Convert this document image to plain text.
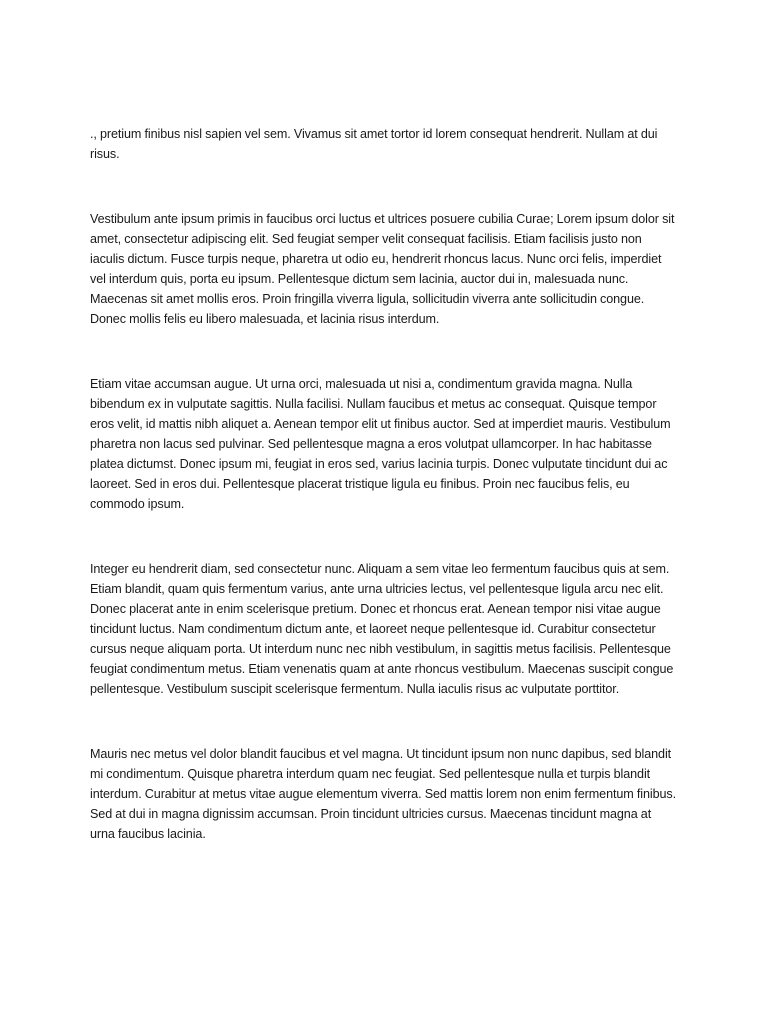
., pretium finibus nisl sapien vel sem. Vivamus sit amet tortor id lorem consequat hendrerit. Nullam at dui risus.

Vestibulum ante ipsum primis in faucibus orci luctus et ultrices posuere cubilia Curae; Lorem ipsum dolor sit amet, consectetur adipiscing elit. Sed feugiat semper velit consequat facilisis. Etiam facilisis justo non iaculis dictum. Fusce turpis neque, pharetra ut odio eu, hendrerit rhoncus lacus. Nunc orci felis, imperdiet vel interdum quis, porta eu ipsum. Pellentesque dictum sem lacinia, auctor dui in, malesuada nunc. Maecenas sit amet mollis eros. Proin fringilla viverra ligula, sollicitudin viverra ante sollicitudin congue. Donec mollis felis eu libero malesuada, et lacinia risus interdum.

Etiam vitae accumsan augue. Ut urna orci, malesuada ut nisi a, condimentum gravida magna. Nulla bibendum ex in vulputate sagittis. Nulla facilisi. Nullam faucibus et metus ac consequat. Quisque tempor eros velit, id mattis nibh aliquet a. Aenean tempor elit ut finibus auctor. Sed at imperdiet mauris. Vestibulum pharetra non lacus sed pulvinar. Sed pellentesque magna a eros volutpat ullamcorper. In hac habitasse platea dictumst. Donec ipsum mi, feugiat in eros sed, varius lacinia turpis. Donec vulputate tincidunt dui ac laoreet. Sed in eros dui. Pellentesque placerat tristique ligula eu finibus. Proin nec faucibus felis, eu commodo ipsum.

Integer eu hendrerit diam, sed consectetur nunc. Aliquam a sem vitae leo fermentum faucibus quis at sem. Etiam blandit, quam quis fermentum varius, ante urna ultricies lectus, vel pellentesque ligula arcu nec elit. Donec placerat ante in enim scelerisque pretium. Donec et rhoncus erat. Aenean tempor nisi vitae augue tincidunt luctus. Nam condimentum dictum ante, et laoreet neque pellentesque id. Curabitur consectetur cursus neque aliquam porta. Ut interdum nunc nec nibh vestibulum, in sagittis metus facilisis. Pellentesque feugiat condimentum metus. Etiam venenatis quam at ante rhoncus vestibulum. Maecenas suscipit congue pellentesque. Vestibulum suscipit scelerisque fermentum. Nulla iaculis risus ac vulputate porttitor.

Mauris nec metus vel dolor blandit faucibus et vel magna. Ut tincidunt ipsum non nunc dapibus, sed blandit mi condimentum. Quisque pharetra interdum quam nec feugiat. Sed pellentesque nulla et turpis blandit interdum. Curabitur at metus vitae augue elementum viverra. Sed mattis lorem non enim fermentum finibus. Sed at dui in magna dignissim accumsan. Proin tincidunt ultricies cursus. Maecenas tincidunt magna at urna faucibus lacinia.
